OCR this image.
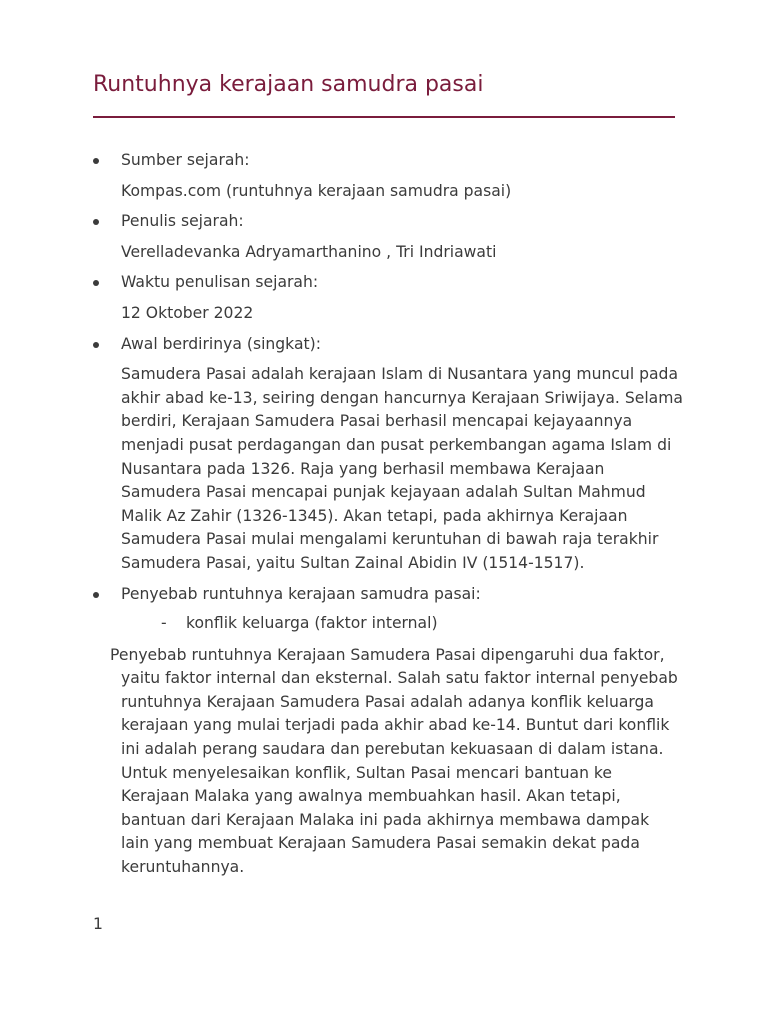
Runtuhnya kerajaan samudra pasai
Sumber sejarah:
Kompas.com (runtuhnya kerajaan samudra pasai)
Penulis sejarah:
Verelladevanka Adryamarthanino , Tri Indriawati
Waktu penulisan sejarah:
12 Oktober 2022
Awal berdirinya (singkat):
Samudera Pasai adalah kerajaan Islam di Nusantara yang muncul pada akhir abad ke-13, seiring dengan hancurnya Kerajaan Sriwijaya. Selama berdiri, Kerajaan Samudera Pasai berhasil mencapai kejayaannya menjadi pusat perdagangan dan pusat perkembangan agama Islam di Nusantara pada 1326. Raja yang berhasil membawa Kerajaan Samudera Pasai mencapai punjak kejayaan adalah Sultan Mahmud Malik Az Zahir (1326-1345). Akan tetapi, pada akhirnya Kerajaan Samudera Pasai mulai mengalami keruntuhan di bawah raja terakhir Samudera Pasai, yaitu Sultan Zainal Abidin IV (1514-1517).
Penyebab runtuhnya kerajaan samudra pasai:
- konflik keluarga (faktor internal)

Penyebab runtuhnya Kerajaan Samudera Pasai dipengaruhi dua faktor, yaitu faktor internal dan eksternal. Salah satu faktor internal penyebab runtuhnya Kerajaan Samudera Pasai adalah adanya konflik keluarga kerajaan yang mulai terjadi pada akhir abad ke-14. Buntut dari konflik ini adalah perang saudara dan perebutan kekuasaan di dalam istana. Untuk menyelesaikan konflik, Sultan Pasai mencari bantuan ke Kerajaan Malaka yang awalnya membuahkan hasil. Akan tetapi, bantuan dari Kerajaan Malaka ini pada akhirnya membawa dampak lain yang membuat Kerajaan Samudera Pasai semakin dekat pada keruntuhannya.

1
